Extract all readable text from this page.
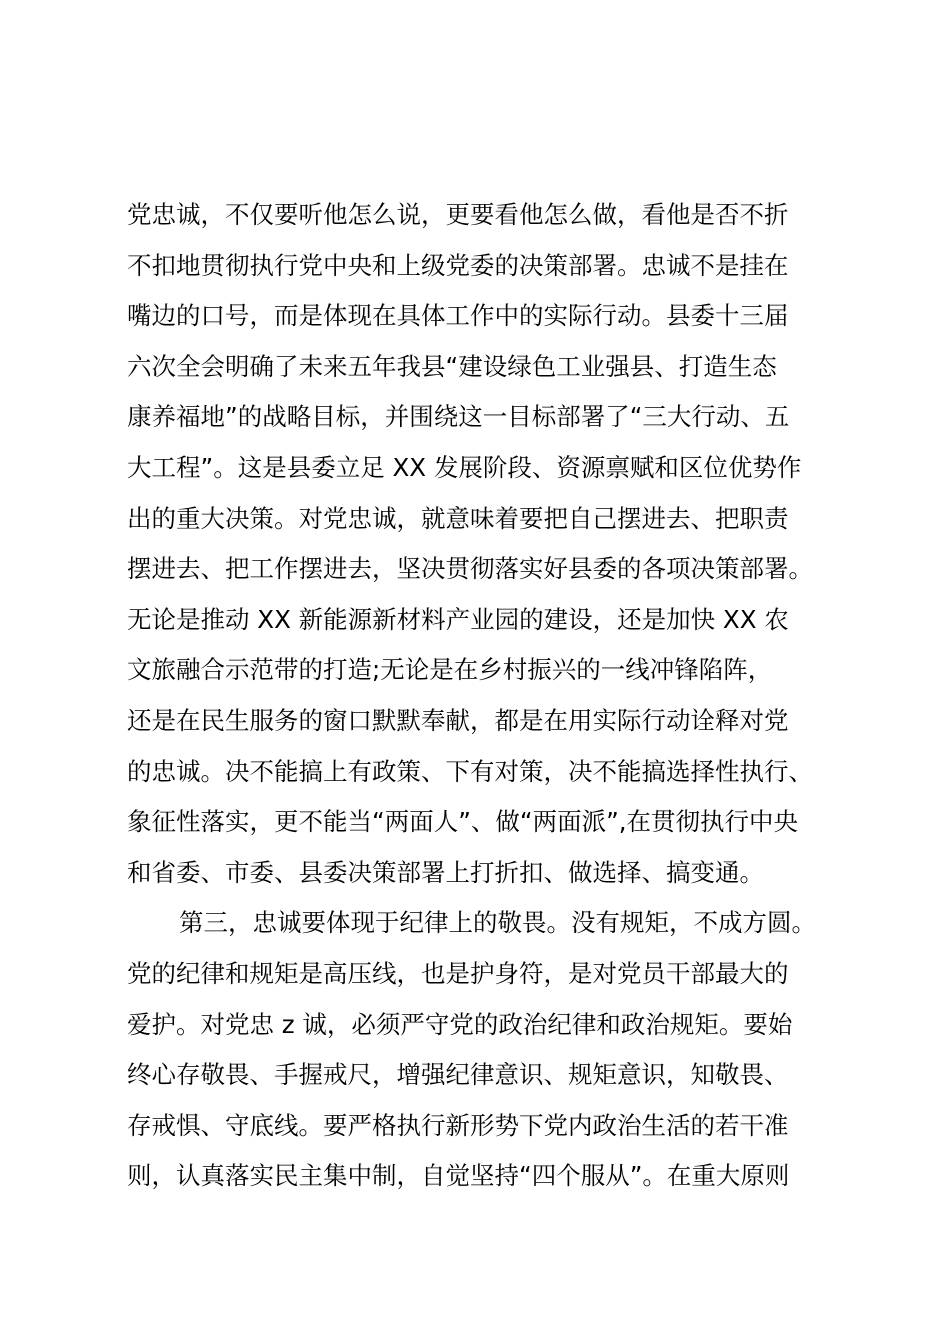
党忠诚，不仅要听他怎么说，更要看他怎么做，看他是否不折
不扣地贯彻执行党中央和上级党委的决策部署。忠诚不是挂在
嘴边的口号，而是体现在具体工作中的实际行动。县委十三届
六次全会明确了未来五年我县“建设绿色工业强县、打造生态
康养福地”的战略目标，并围绕这一目标部署了“三大行动、五
大工程”。这是县委立足 XX 发展阶段、资源禀赋和区位优势作
出的重大决策。对党忠诚，就意味着要把自己摆进去、把职责
摆进去、把工作摆进去，坚决贯彻落实好县委的各项决策部署。
无论是推动 XX 新能源新材料产业园的建设，还是加快 XX 农
文旅融合示范带的打造;无论是在乡村振兴的一线冲锋陷阵，
还是在民生服务的窗口默默奉献，都是在用实际行动诠释对党
的忠诚。决不能搞上有政策、下有对策，决不能搞选择性执行、
象征性落实，更不能当“两面人”、做“两面派”,在贯彻执行中央
和省委、市委、县委决策部署上打折扣、做选择、搞变通。
第三，忠诚要体现于纪律上的敬畏。没有规矩，不成方圆。
党的纪律和规矩是高压线，也是护身符，是对党员干部最大的
爱护。对党忠 z 诚，必须严守党的政治纪律和政治规矩。要始
终心存敬畏、手握戒尺，增强纪律意识、规矩意识，知敬畏、
存戒惧、守底线。要严格执行新形势下党内政治生活的若干准
则，认真落实民主集中制，自觉坚持“四个服从”。在重大原则
